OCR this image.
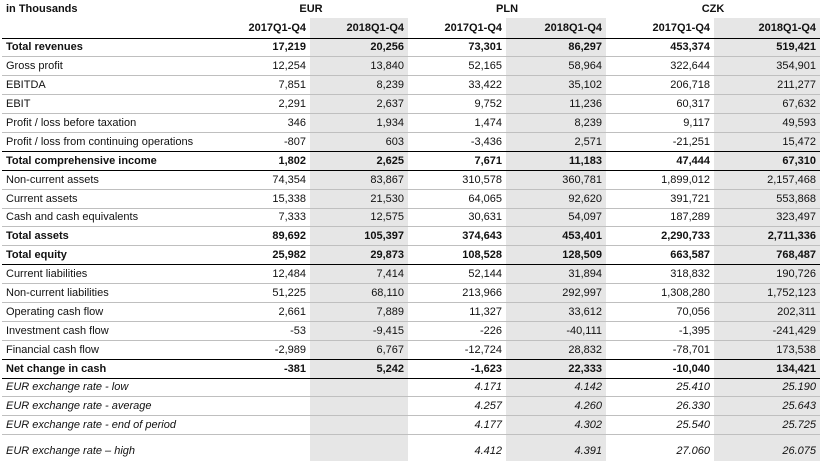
in Thousands	EUR		PLN		CZK	
	2017Q1-Q4	2018Q1-Q4	2017Q1-Q4	2018Q1-Q4	2017Q1-Q4	2018Q1-Q4
Total revenues	17,219	20,256	73,301	86,297	453,374	519,421
Gross profit	12,254	13,840	52,165	58,964	322,644	354,901
EBITDA	7,851	8,239	33,422	35,102	206,718	211,277
EBIT	2,291	2,637	9,752	11,236	60,317	67,632
Profit / loss before taxation	346	1,934	1,474	8,239	9,117	49,593
Profit / loss from continuing operations	-807	603	-3,436	2,571	-21,251	15,472
Total comprehensive income	1,802	2,625	7,671	11,183	47,444	67,310
Non-current assets	74,354	83,867	310,578	360,781	1,899,012	2,157,468
Current assets	15,338	21,530	64,065	92,620	391,721	553,868
Cash and cash equivalents	7,333	12,575	30,631	54,097	187,289	323,497
Total assets	89,692	105,397	374,643	453,401	2,290,733	2,711,336
Total equity	25,982	29,873	108,528	128,509	663,587	768,487
Current liabilities	12,484	7,414	52,144	31,894	318,832	190,726
Non-current liabilities	51,225	68,110	213,966	292,997	1,308,280	1,752,123
Operating cash flow	2,661	7,889	11,327	33,612	70,056	202,311
Investment cash flow	-53	-9,415	-226	-40,111	-1,395	-241,429
Financial cash flow	-2,989	6,767	-12,724	28,832	-78,701	173,538
Net change in cash	-381	5,242	-1,623	22,333	-10,040	134,421
EUR exchange rate - low			4.171	4.142	25.410	25.190
EUR exchange rate - average			4.257	4.260	26.330	25.643
EUR exchange rate - end of period			4.177	4.302	25.540	25.725
EUR exchange rate – high			4.412	4.391	27.060	26.075
